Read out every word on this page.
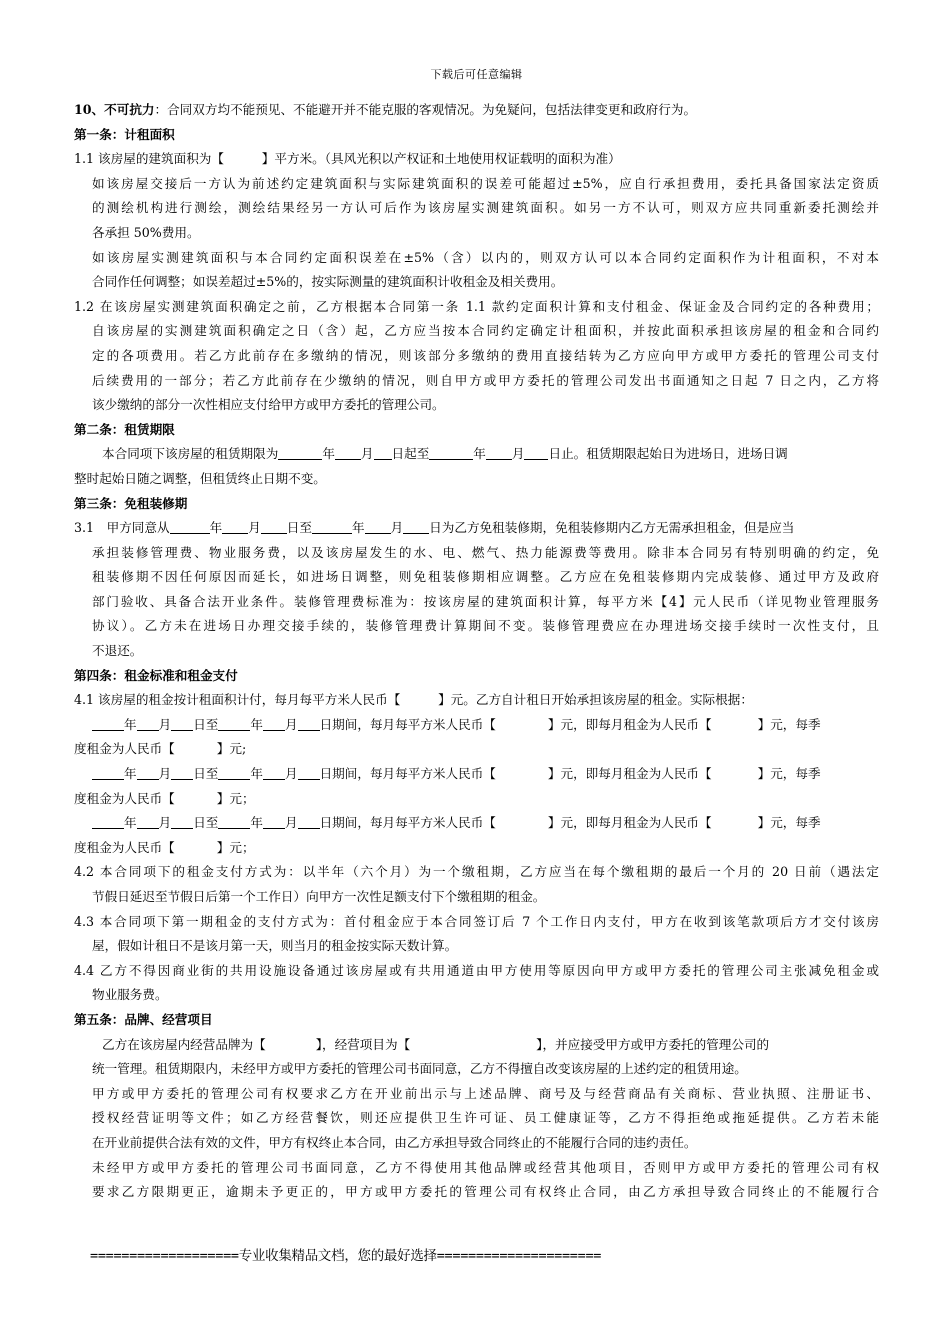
下载后可任意编辑
10、不可抗力：合同双方均不能预见、不能避开并不能克服的客观情况。为免疑问，包括法律变更和政府行为。
第一条：计租面积
1.1 该房屋的建筑面积为【　　　】平方米。（具风光积以产权证和土地使用权证载明的面积为准）
如该房屋交接后一方认为前述约定建筑面积与实际建筑面积的误差可能超过±5%，应自行承担费用，委托具备国家法定资质
的测绘机构进行测绘，测绘结果经另一方认可后作为该房屋实测建筑面积。如另一方不认可，则双方应共同重新委托测绘并
各承担 50%费用。
如该房屋实测建筑面积与本合同约定面积误差在±5%（含）以内的，则双方认可以本合同约定面积作为计租面积，不对本
合同作任何调整；如误差超过±5%的，按实际测量的建筑面积计收租金及相关费用。
1.2 在该房屋实测建筑面积确定之前，乙方根据本合同第一条 1.1 款约定面积计算和支付租金、保证金及合同约定的各种费用；
自该房屋的实测建筑面积确定之日（含）起，乙方应当按本合同约定确定计租面积，并按此面积承担该房屋的租金和合同约
定的各项费用。若乙方此前存在多缴纳的情况，则该部分多缴纳的费用直接结转为乙方应向甲方或甲方委托的管理公司支付
后续费用的一部分；若乙方此前存在少缴纳的情况，则自甲方或甲方委托的管理公司发出书面通知之日起 7 日之内，乙方将
该少缴纳的部分一次性相应支付给甲方或甲方委托的管理公司。
第二条：租赁期限
本合同项下该房屋的租赁期限为	年 月 日起至	年 月 日止。租赁期限起始日为进场日，进场日调
整时起始日随之调整，但租赁终止日期不变。
第三条：免租装修期
3.1　甲方同意从	年 月 日至	年 月 日为乙方免租装修期，免租装修期内乙方无需承担租金，但是应当
承担装修管理费、物业服务费，以及该房屋发生的水、电、燃气、热力能源费等费用。除非本合同另有特别明确的约定，免
租装修期不因任何原因而延长，如进场日调整，则免租装修期相应调整。乙方应在免租装修期内完成装修、通过甲方及政府
部门验收、具备合法开业条件。装修管理费标准为：按该房屋的建筑面积计算，每平方米【4】元人民币（详见物业管理服务
协议）。乙方未在进场日办理交接手续的，装修管理费计算期间不变。装修管理费应在办理进场交接手续时一次性支付，且
不退还。
第四条：租金标准和租金支付
4.1 该房屋的租金按计租面积计付，每月每平方米人民币【　　　】元。乙方自计租日开始承担该房屋的租金。实际根据：
年 月 日至	年 月 日期间，每月每平方米人民币【	】元，即每月租金为人民币【	】元，每季
度租金为人民币【	】元;
年 月 日至	年 月 日期间，每月每平方米人民币【	】元，即每月租金为人民币【	】元，每季
度租金为人民币【	】元；
年 月 日至	年 月 日期间，每月每平方米人民币【	】元，即每月租金为人民币【	】元，每季
度租金为人民币【	】元；
4.2 本合同项下的租金支付方式为：以半年（六个月）为一个缴租期，乙方应当在每个缴租期的最后一个月的 20 日前（遇法定
节假日延迟至节假日后第一个工作日）向甲方一次性足额支付下个缴租期的租金。
4.3 本合同项下第一期租金的支付方式为：首付租金应于本合同签订后 7 个工作日内支付，甲方在收到该笔款项后方才交付该房
屋，假如计租日不是该月第一天，则当月的租金按实际天数计算。
4.4 乙方不得因商业街的共用设施设备通过该房屋或有共用通道由甲方使用等原因向甲方或甲方委托的管理公司主张减免租金或
物业服务费。
第五条：品牌、经营项目
乙方在该房屋内经营品牌为【	】，经营项目为【	】，并应接受甲方或甲方委托的管理公司的
统一管理。租赁期限内，未经甲方或甲方委托的管理公司书面同意，乙方不得擅自改变该房屋的上述约定的租赁用途。
甲方或甲方委托的管理公司有权要求乙方在开业前出示与上述品牌、商号及与经营商品有关商标、营业执照、注册证书、
授权经营证明等文件；如乙方经营餐饮，则还应提供卫生许可证、员工健康证等，乙方不得拒绝或拖延提供。乙方若未能
在开业前提供合法有效的文件，甲方有权终止本合同，由乙方承担导致合同终止的不能履行合同的违约责任。
未经甲方或甲方委托的管理公司书面同意，乙方不得使用其他品牌或经营其他项目，否则甲方或甲方委托的管理公司有权
要求乙方限期更正，逾期未予更正的，甲方或甲方委托的管理公司有权终止合同，由乙方承担导致合同终止的不能履行合
===================专业收集精品文档，您的最好选择=====================
